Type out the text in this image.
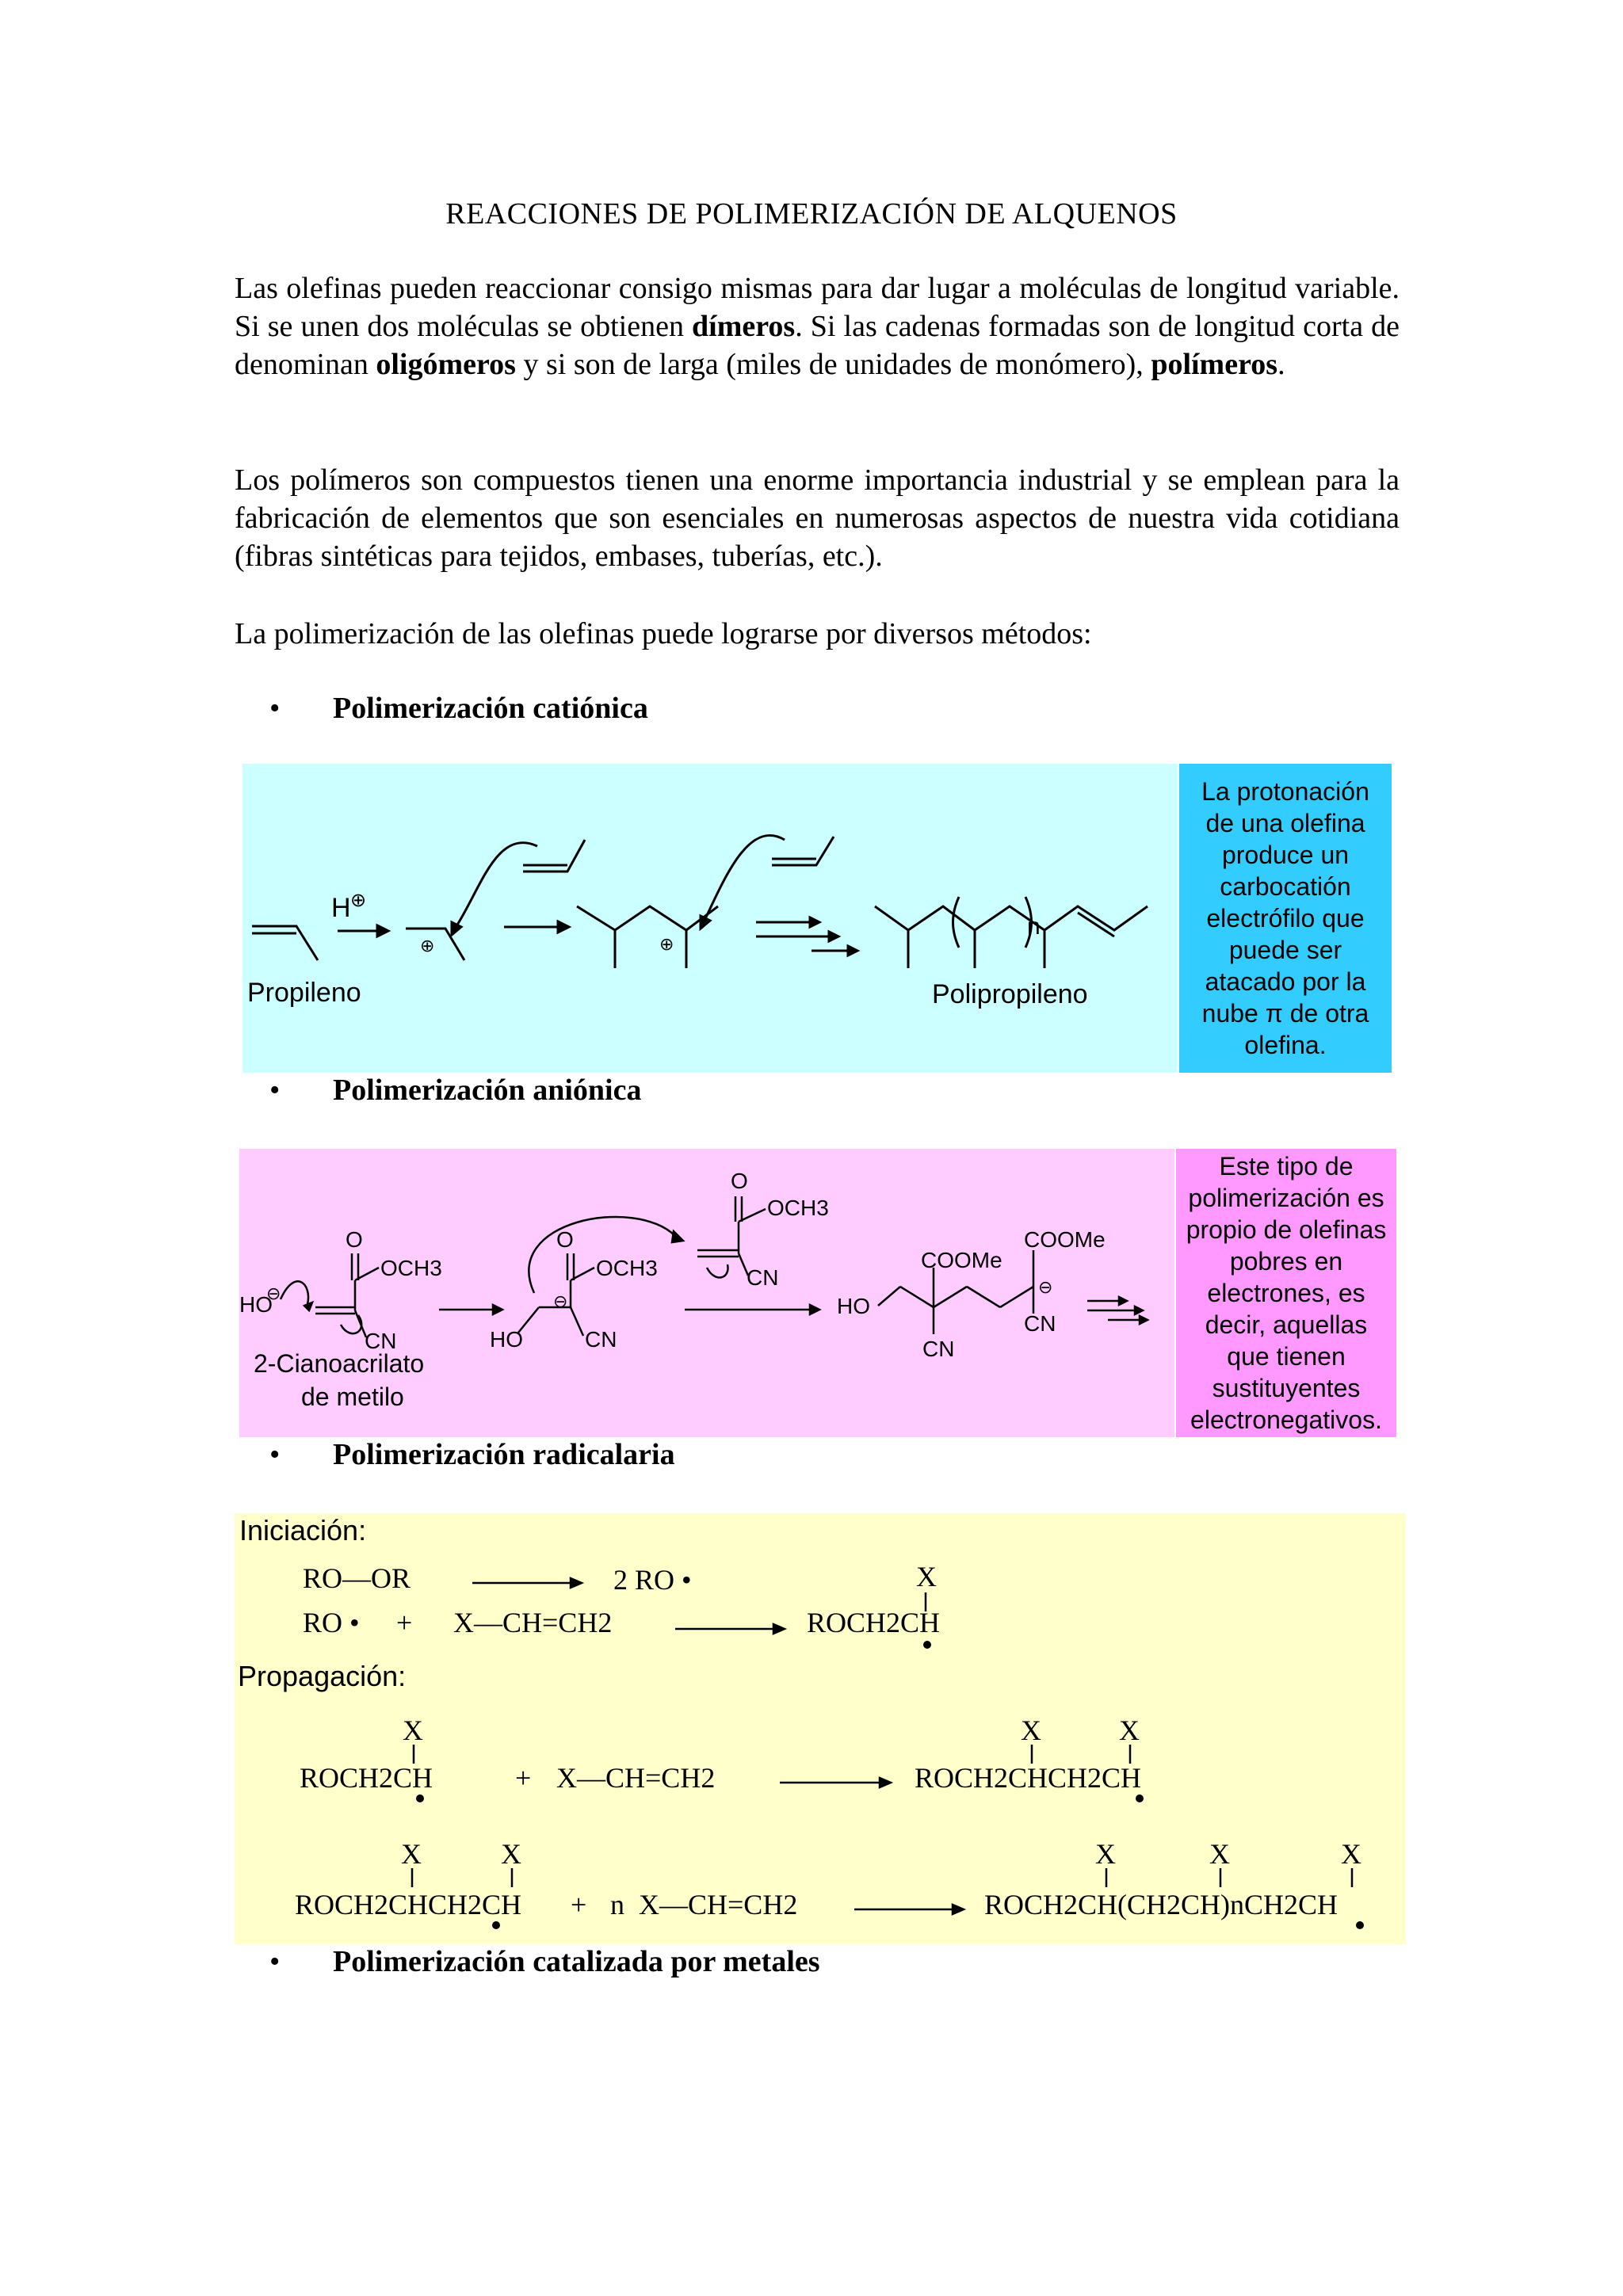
REACCIONES DE POLIMERIZACIÓN DE ALQUENOS

Las olefinas pueden reaccionar consigo mismas para dar lugar a moléculas de longitud variable. Si se unen dos moléculas se obtienen dímeros. Si las cadenas formadas son de longitud corta de denominan oligómeros y si son de larga (miles de unidades de monómero), polímeros.

Los polímeros son compuestos tienen una enorme importancia industrial y se emplean para la fabricación de elementos que son esenciales en numerosas aspectos de nuestra vida cotidiana (fibras sintéticas para tejidos, embases, tuberías, etc.).

La polimerización de las olefinas puede lograrse por diversos métodos:

• Polimerización catiónica
H ⊕
⊕	⊕
n
Propileno	Polipropileno
La protonación de una olefina produce un carbocatión electrófilo que puede ser atacado por la nube π de otra olefina.
• Polimerización aniónica
HO
⊖
O
OCH3
CN
2-Cianoacrilato
de metilo
HO
O
⊖
OCH3
CN
O
OCH3
CN
HO
COOMe
CN
COOMe
⊖
CN
Este tipo de polimerización es propio de olefinas pobres en electrones, es decir, aquellas que tienen sustituyentes electronegativos.
• Polimerización radicalaria
Iniciación:
Propagación:
RO—OR	2 RO •
RO • + X—CH=CH2
X
ROCH2CH
X
ROCH2CH	+ X—CH=CH2
X	X
ROCH2CHCH2CH
X	X
ROCH2CHCH2CH + n X—CH=CH2
X	X	X
ROCH2CH(CH2CH)nCH2CH
• Polimerización catalizada por metales
